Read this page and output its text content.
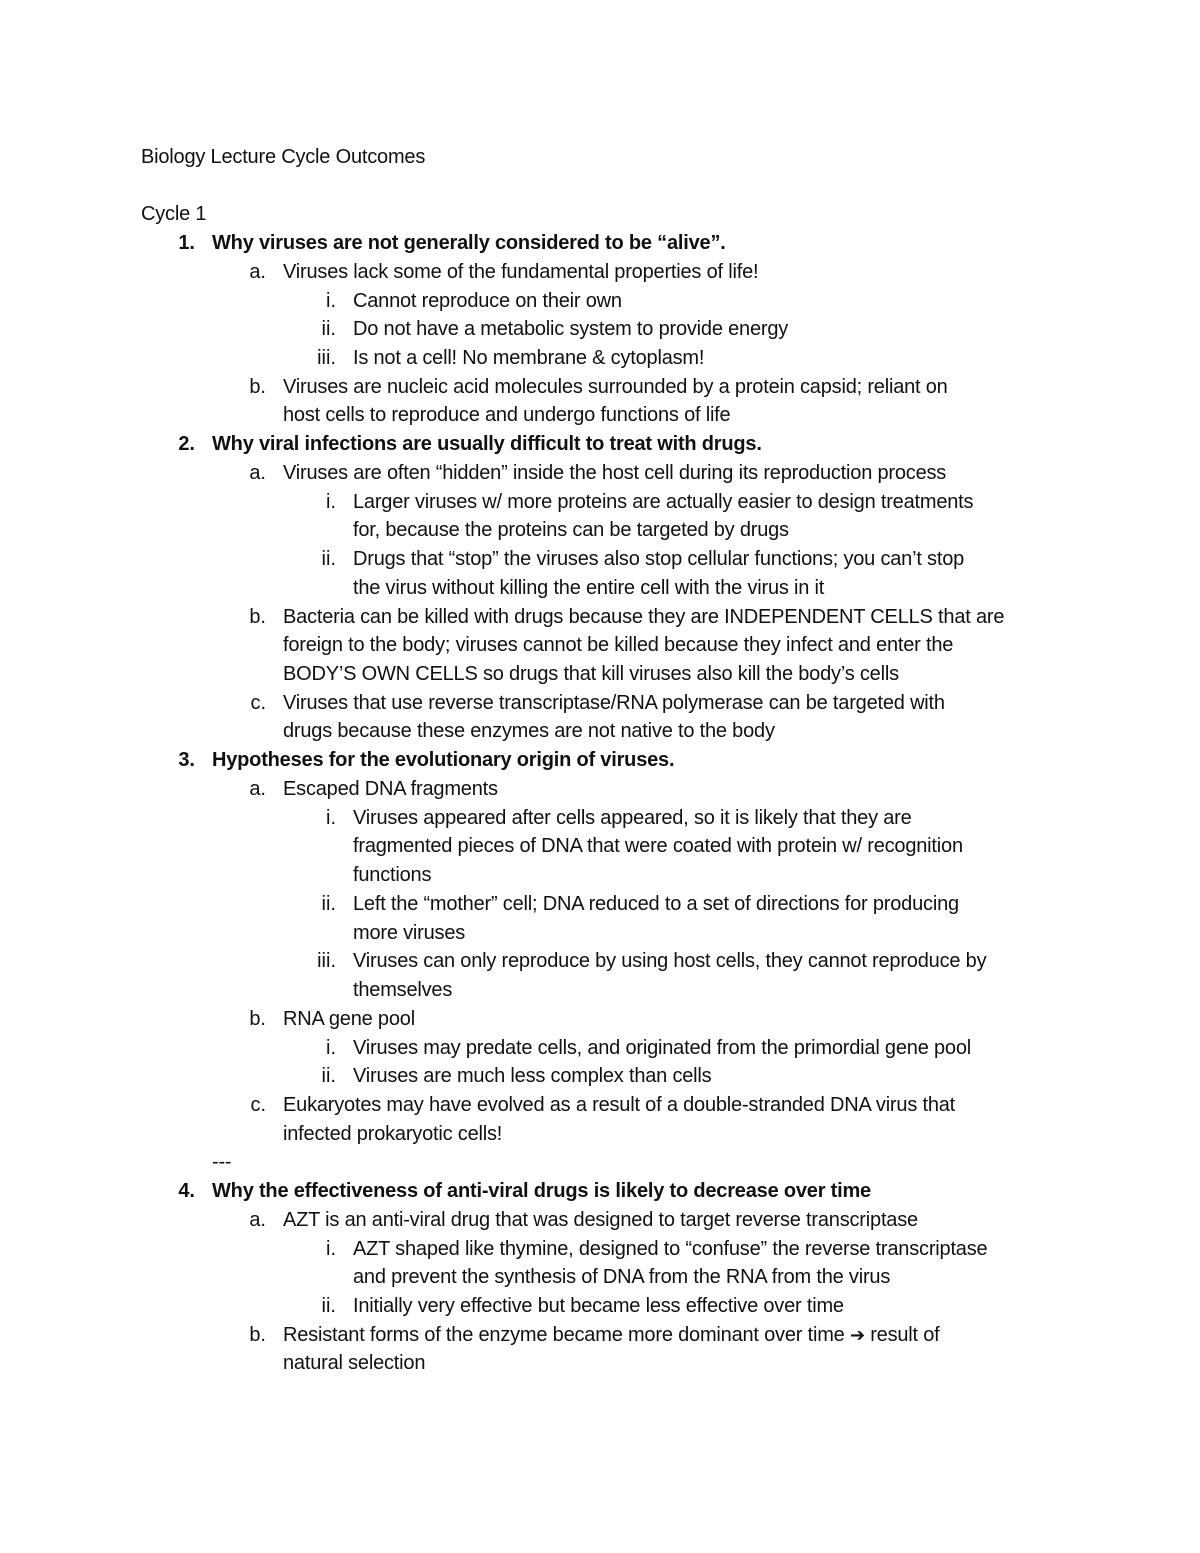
Biology Lecture Cycle Outcomes
Cycle 1
1. Why viruses are not generally considered to be “alive”.
a. Viruses lack some of the fundamental properties of life!
i. Cannot reproduce on their own
ii. Do not have a metabolic system to provide energy
iii. Is not a cell! No membrane & cytoplasm!
b. Viruses are nucleic acid molecules surrounded by a protein capsid; reliant on
host cells to reproduce and undergo functions of life
2. Why viral infections are usually difficult to treat with drugs.
a. Viruses are often “hidden” inside the host cell during its reproduction process
i. Larger viruses w/ more proteins are actually easier to design treatments
for, because the proteins can be targeted by drugs
ii. Drugs that “stop” the viruses also stop cellular functions; you can’t stop
the virus without killing the entire cell with the virus in it
b. Bacteria can be killed with drugs because they are INDEPENDENT CELLS that are
foreign to the body; viruses cannot be killed because they infect and enter the
BODY’S OWN CELLS so drugs that kill viruses also kill the body’s cells
c. Viruses that use reverse transcriptase/RNA polymerase can be targeted with
drugs because these enzymes are not native to the body
3. Hypotheses for the evolutionary origin of viruses.
a. Escaped DNA fragments
i. Viruses appeared after cells appeared, so it is likely that they are
fragmented pieces of DNA that were coated with protein w/ recognition
functions
ii. Left the “mother” cell; DNA reduced to a set of directions for producing
more viruses
iii. Viruses can only reproduce by using host cells, they cannot reproduce by
themselves
b. RNA gene pool
i. Viruses may predate cells, and originated from the primordial gene pool
ii. Viruses are much less complex than cells
c. Eukaryotes may have evolved as a result of a double-stranded DNA virus that
infected prokaryotic cells!
---
4. Why the effectiveness of anti-viral drugs is likely to decrease over time
a. AZT is an anti-viral drug that was designed to target reverse transcriptase
i. AZT shaped like thymine, designed to “confuse” the reverse transcriptase
and prevent the synthesis of DNA from the RNA from the virus
ii. Initially very effective but became less effective over time
b. Resistant forms of the enzyme became more dominant over time ➔ result of
natural selection
